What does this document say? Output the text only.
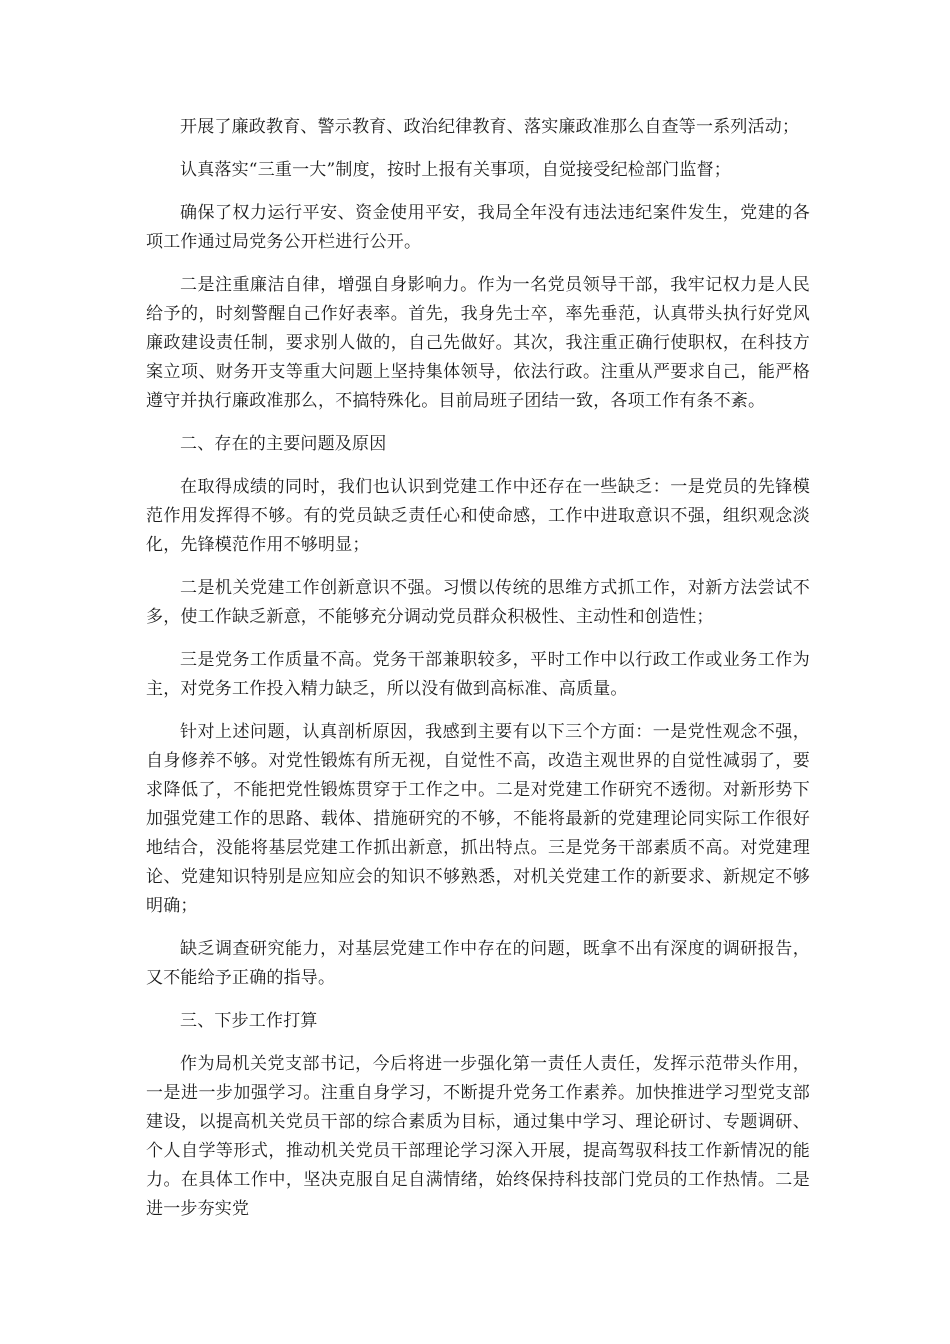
开展了廉政教育、警示教育、政治纪律教育、落实廉政准那么自查等一系列活动；

认真落实“三重一大”制度，按时上报有关事项，自觉接受纪检部门监督；

确保了权力运行平安、资金使用平安，我局全年没有违法违纪案件发生，党建的各项工作通过局党务公开栏进行公开。

二是注重廉洁自律，增强自身影响力。作为一名党员领导干部，我牢记权力是人民给予的，时刻警醒自己作好表率。首先，我身先士卒，率先垂范，认真带头执行好党风廉政建设责任制，要求别人做的，自己先做好。其次，我注重正确行使职权，在科技方案立项、财务开支等重大问题上坚持集体领导，依法行政。注重从严要求自己，能严格遵守并执行廉政准那么，不搞特殊化。目前局班子团结一致，各项工作有条不紊。

二、存在的主要问题及原因

在取得成绩的同时，我们也认识到党建工作中还存在一些缺乏：一是党员的先锋模范作用发挥得不够。有的党员缺乏责任心和使命感，工作中进取意识不强，组织观念淡化，先锋模范作用不够明显；

二是机关党建工作创新意识不强。习惯以传统的思维方式抓工作，对新方法尝试不多，使工作缺乏新意，不能够充分调动党员群众积极性、主动性和创造性；

三是党务工作质量不高。党务干部兼职较多，平时工作中以行政工作或业务工作为主，对党务工作投入精力缺乏，所以没有做到高标准、高质量。

针对上述问题，认真剖析原因，我感到主要有以下三个方面：一是党性观念不强，自身修养不够。对党性锻炼有所无视，自觉性不高，改造主观世界的自觉性减弱了，要求降低了，不能把党性锻炼贯穿于工作之中。二是对党建工作研究不透彻。对新形势下加强党建工作的思路、载体、措施研究的不够，不能将最新的党建理论同实际工作很好地结合，没能将基层党建工作抓出新意，抓出特点。三是党务干部素质不高。对党建理论、党建知识特别是应知应会的知识不够熟悉，对机关党建工作的新要求、新规定不够明确；

缺乏调查研究能力，对基层党建工作中存在的问题，既拿不出有深度的调研报告，又不能给予正确的指导。

三、下步工作打算

作为局机关党支部书记，今后将进一步强化第一责任人责任，发挥示范带头作用，一是进一步加强学习。注重自身学习，不断提升党务工作素养。加快推进学习型党支部建设，以提高机关党员干部的综合素质为目标，通过集中学习、理论研讨、专题调研、个人自学等形式，推动机关党员干部理论学习深入开展，提高驾驭科技工作新情况的能力。在具体工作中，坚决克服自足自满情绪，始终保持科技部门党员的工作热情。二是进一步夯实党
